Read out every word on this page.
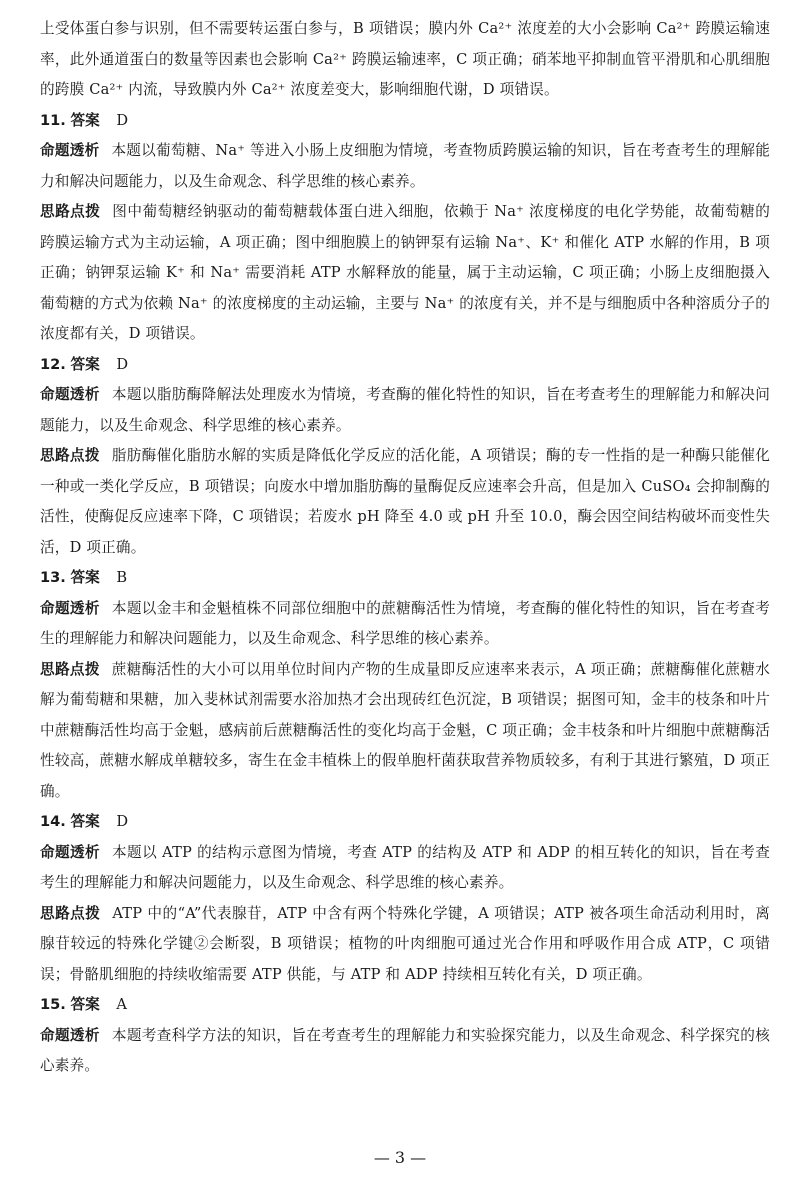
上受体蛋白参与识别，但不需要转运蛋白参与，B 项错误；膜内外 Ca²⁺ 浓度差的大小会影响 Ca²⁺ 跨膜运输速率，此外通道蛋白的数量等因素也会影响 Ca²⁺ 跨膜运输速率，C 项正确；硝苯地平抑制血管平滑肌和心肌细胞的跨膜 Ca²⁺ 内流，导致膜内外 Ca²⁺ 浓度差变大，影响细胞代谢，D 项错误。

11. 答案 D

命题透析 本题以葡萄糖、Na⁺ 等进入小肠上皮细胞为情境，考查物质跨膜运输的知识，旨在考查考生的理解能力和解决问题能力，以及生命观念、科学思维的核心素养。

思路点拨 图中葡萄糖经钠驱动的葡萄糖载体蛋白进入细胞，依赖于 Na⁺ 浓度梯度的电化学势能，故葡萄糖的跨膜运输方式为主动运输，A 项正确；图中细胞膜上的钠钾泵有运输 Na⁺、K⁺ 和催化 ATP 水解的作用，B 项正确；钠钾泵运输 K⁺ 和 Na⁺ 需要消耗 ATP 水解释放的能量，属于主动运输，C 项正确；小肠上皮细胞摄入葡萄糖的方式为依赖 Na⁺ 的浓度梯度的主动运输，主要与 Na⁺ 的浓度有关，并不是与细胞质中各种溶质分子的浓度都有关，D 项错误。

12. 答案 D

命题透析 本题以脂肪酶降解法处理废水为情境，考查酶的催化特性的知识，旨在考查考生的理解能力和解决问题能力，以及生命观念、科学思维的核心素养。

思路点拨 脂肪酶催化脂肪水解的实质是降低化学反应的活化能，A 项错误；酶的专一性指的是一种酶只能催化一种或一类化学反应，B 项错误；向废水中增加脂肪酶的量酶促反应速率会升高，但是加入 CuSO₄ 会抑制酶的活性，使酶促反应速率下降，C 项错误；若废水 pH 降至 4.0 或 pH 升至 10.0，酶会因空间结构破坏而变性失活，D 项正确。

13. 答案 B

命题透析 本题以金丰和金魁植株不同部位细胞中的蔗糖酶活性为情境，考查酶的催化特性的知识，旨在考查考生的理解能力和解决问题能力，以及生命观念、科学思维的核心素养。

思路点拨 蔗糖酶活性的大小可以用单位时间内产物的生成量即反应速率来表示，A 项正确；蔗糖酶催化蔗糖水解为葡萄糖和果糖，加入斐林试剂需要水浴加热才会出现砖红色沉淀，B 项错误；据图可知，金丰的枝条和叶片中蔗糖酶活性均高于金魁，感病前后蔗糖酶活性的变化均高于金魁，C 项正确；金丰枝条和叶片细胞中蔗糖酶活性较高，蔗糖水解成单糖较多，寄生在金丰植株上的假单胞杆菌获取营养物质较多，有利于其进行繁殖，D 项正确。

14. 答案 D

命题透析 本题以 ATP 的结构示意图为情境，考查 ATP 的结构及 ATP 和 ADP 的相互转化的知识，旨在考查考生的理解能力和解决问题能力，以及生命观念、科学思维的核心素养。

思路点拨 ATP 中的“A”代表腺苷，ATP 中含有两个特殊化学键，A 项错误；ATP 被各项生命活动利用时，离腺苷较远的特殊化学键②会断裂，B 项错误；植物的叶肉细胞可通过光合作用和呼吸作用合成 ATP，C 项错误；骨骼肌细胞的持续收缩需要 ATP 供能，与 ATP 和 ADP 持续相互转化有关，D 项正确。

15. 答案 A

命题透析 本题考查科学方法的知识，旨在考查考生的理解能力和实验探究能力，以及生命观念、科学探究的核心素养。

— 3 —
